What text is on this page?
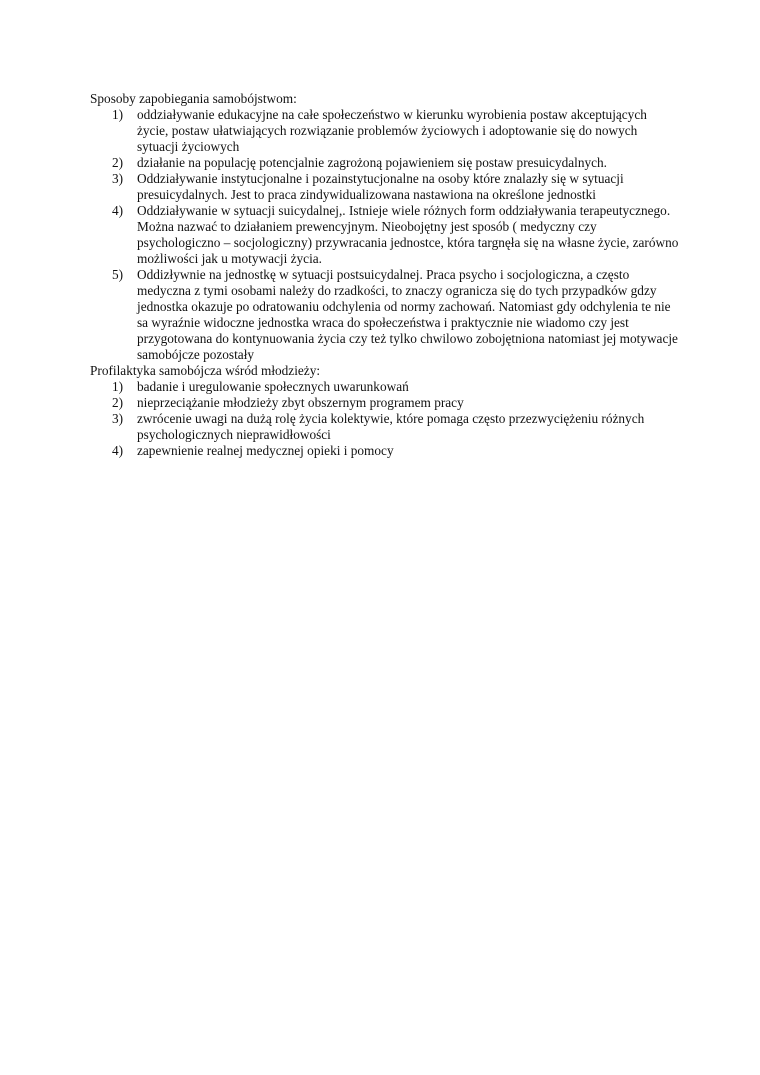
Sposoby zapobiegania samobójstwom:

1)	oddziaływanie edukacyjne na całe społeczeństwo w kierunku wyrobienia postaw akceptujących życie, postaw ułatwiających rozwiązanie problemów życiowych i adoptowanie się do nowych sytuacji życiowych
2)	działanie na populację potencjalnie zagrożoną pojawieniem się postaw presuicydalnych.
3)	Oddziaływanie instytucjonalne i pozainstytucjonalne na osoby które znalazły się w sytuacji presuicydalnych. Jest to praca zindywidualizowana nastawiona na określone jednostki
4)	Oddziaływanie w sytuacji suicydalnej,. Istnieje wiele różnych form oddziaływania terapeutycznego. Można nazwać to działaniem prewencyjnym. Nieobojętny jest sposób ( medyczny czy psychologiczno – socjologiczny) przywracania jednostce, która targnęła się na własne życie, zarówno możliwości jak u motywacji życia.
5)	Oddizływnie na jednostkę w sytuacji postsuicydalnej. Praca psycho i socjologiczna, a często medyczna z tymi osobami należy do rzadkości, to znaczy ogranicza się do tych przypadków gdzy jednostka okazuje po odratowaniu odchylenia od normy zachowań. Natomiast gdy odchylenia te nie sa wyraźnie widoczne jednostka wraca do społeczeństwa i praktycznie nie wiadomo czy jest przygotowana do kontynuowania życia czy też tylko chwilowo zobojętniona natomiast jej motywacje samobójcze pozostały

Profilaktyka samobójcza wśród młodzieży:

1)	badanie i uregulowanie społecznych uwarunkowań
2)	nieprzeciążanie młodzieży zbyt obszernym programem pracy
3)	zwrócenie uwagi na dużą rolę życia kolektywie, które pomaga często przezwyciężeniu różnych psychologicznych nieprawidłowości
4)	zapewnienie realnej medycznej opieki i pomocy
